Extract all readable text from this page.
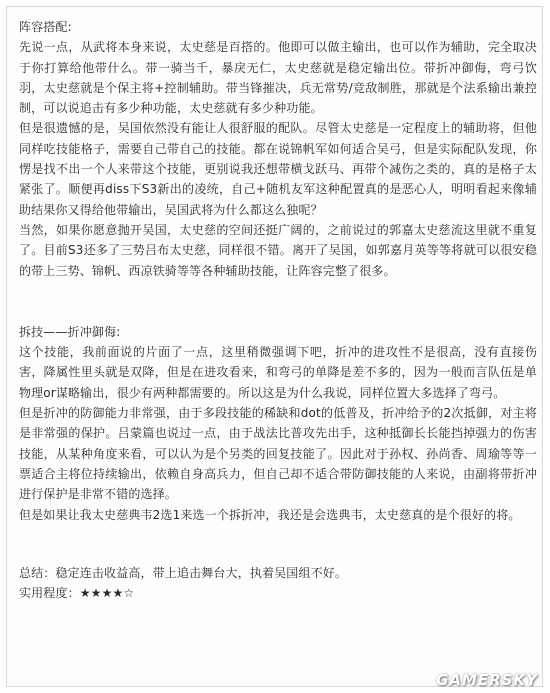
阵容搭配:

先说一点，从武将本身来说，太史慈是百搭的。他即可以做主输出，也可以作为辅助，完全取决于你打算给他带什么。带一骑当千，暴戾无仁，太史慈就是稳定输出位。带折冲御侮，弯弓饮羽，太史慈就是个保主将+控制辅助。带当锋摧决，兵无常势/竞敌制胜，那就是个法系输出兼控制，可以说追击有多少种功能，太史慈就有多少种功能。

但是很遗憾的是，吴国依然没有能让人很舒服的配队。尽管太史慈是一定程度上的辅助将，但他同样吃技能格子，需要自己带自己的技能。都在说锦帆军如何适合吴弓，但是实际配队发现，你愣是找不出一个人来带这个技能，更别说我还想带横戈跃马、再带个减伤之类的，真的是格子太紧张了。顺便再diss下S3新出的凌统，自己+随机友军这种配置真的是恶心人，明明看起来像辅助结果你又得给他带输出，吴国武将为什么都这么独呢？

当然，如果你愿意抛开吴国，太史慈的空间还挺广阔的，之前说过的郭嘉太史慈流这里就不重复了。目前S3还多了三势吕布太史慈，同样很不错。离开了吴国，如郭嘉月英等等将就可以很安稳的带上三势、锦帆、西凉铁骑等等各种辅助技能，让阵容完整了很多。

拆技——折冲御侮:

这个技能，我前面说的片面了一点，这里稍微强调下吧，折冲的进攻性不是很高，没有直接伤害，降属性里头就是双降，但是在进攻看来，和弯弓的单降是差不多的，因为一般而言队伍是单物理or谋略输出，很少有两种都需要的。所以这是为什么我说，同样位置大多选择了弯弓。

但是折冲的防御能力非常强，由于多段技能的稀缺和dot的低普及，折冲给予的2次抵御，对主将是非常强的保护。吕蒙篇也说过一点，由于战法比普攻先出手，这种抵御长长能挡掉强力的伤害技能，从某种角度来看，可以认为是个另类的回复技能了。因此对于孙权、孙尚香、周瑜等等一票适合主将位持续输出，依赖自身高兵力，但自己却不适合带防御技能的人来说，由副将带折冲进行保护是非常不错的选择。

但是如果让我太史慈典韦2选1来选一个拆折冲，我还是会选典韦，太史慈真的是个很好的将。

总结：稳定连击收益高，带上追击舞台大，执着吴国组不好。

实用程度：★★★★☆

GAMERSKY
